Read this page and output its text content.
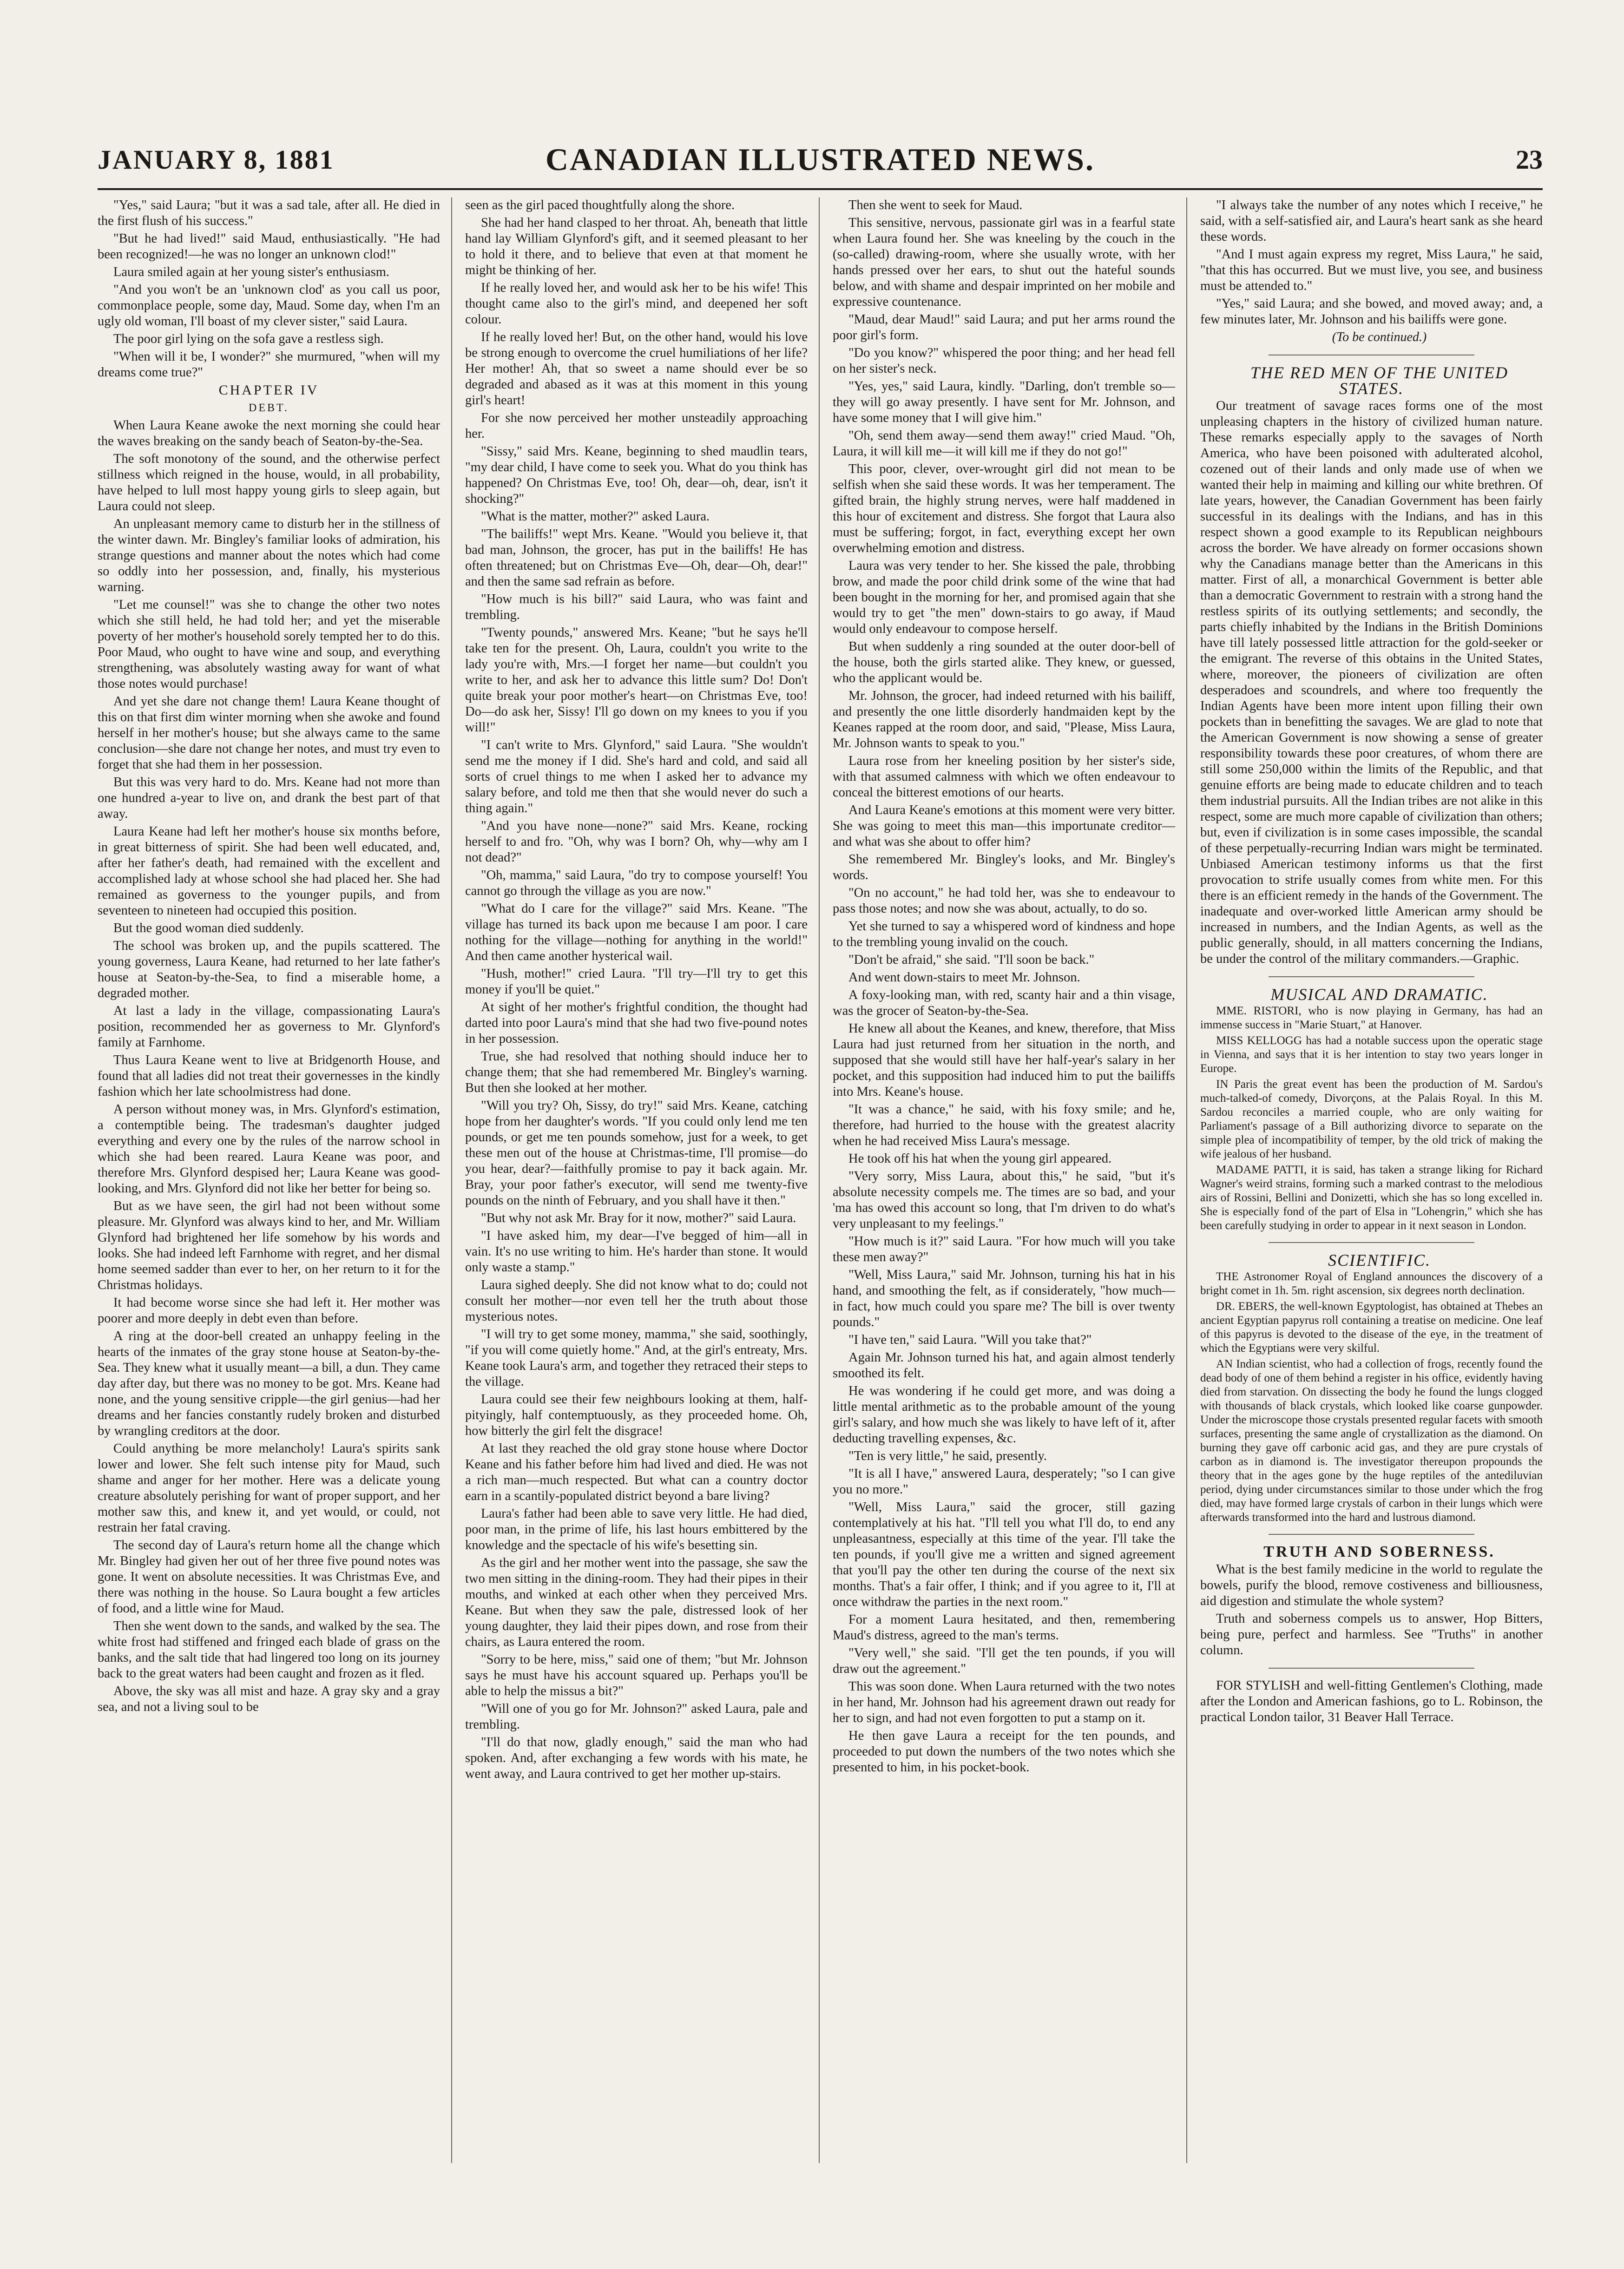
JANUARY 8, 1881	CANADIAN ILLUSTRATED NEWS.	23

"Yes," said Laura; "but it was a sad tale, after all. He died in the first flush of his success."

"But he had lived!" said Maud, enthusiastically. "He had been recognized!—he was no longer an unknown clod!"

Laura smiled again at her young sister's enthusiasm.

"And you won't be an 'unknown clod' as you call us poor, commonplace people, some day, Maud. Some day, when I'm an ugly old woman, I'll boast of my clever sister," said Laura.

The poor girl lying on the sofa gave a restless sigh.

"When will it be, I wonder?" she murmured, "when will my dreams come true?"

CHAPTER IV

DEBT.

When Laura Keane awoke the next morning she could hear the waves breaking on the sandy beach of Seaton-by-the-Sea.

The soft monotony of the sound, and the otherwise perfect stillness which reigned in the house, would, in all probability, have helped to lull most happy young girls to sleep again, but Laura could not sleep.

An unpleasant memory came to disturb her in the stillness of the winter dawn. Mr. Bingley's familiar looks of admiration, his strange questions and manner about the notes which had come so oddly into her possession, and, finally, his mysterious warning.

"Let me counsel!" was she to change the other two notes which she still held, he had told her; and yet the miserable poverty of her mother's household sorely tempted her to do this. Poor Maud, who ought to have wine and soup, and everything strengthening, was absolutely wasting away for want of what those notes would purchase!

And yet she dare not change them! Laura Keane thought of this on that first dim winter morning when she awoke and found herself in her mother's house; but she always came to the same conclusion—she dare not change her notes, and must try even to forget that she had them in her possession.

But this was very hard to do. Mrs. Keane had not more than one hundred a-year to live on, and drank the best part of that away.

Laura Keane had left her mother's house six months before, in great bitterness of spirit. She had been well educated, and, after her father's death, had remained with the excellent and accomplished lady at whose school she had placed her. She had remained as governess to the younger pupils, and from seventeen to nineteen had occupied this position.

But the good woman died suddenly.

The school was broken up, and the pupils scattered. The young governess, Laura Keane, had returned to her late father's house at Seaton-by-the-Sea, to find a miserable home, a degraded mother.

At last a lady in the village, compassionating Laura's position, recommended her as governess to Mr. Glynford's family at Farnhome.

Thus Laura Keane went to live at Bridgenorth House, and found that all ladies did not treat their governesses in the kindly fashion which her late schoolmistress had done.

A person without money was, in Mrs. Glynford's estimation, a contemptible being. The tradesman's daughter judged everything and every one by the rules of the narrow school in which she had been reared. Laura Keane was poor, and therefore Mrs. Glynford despised her; Laura Keane was good-looking, and Mrs. Glynford did not like her better for being so.

But as we have seen, the girl had not been without some pleasure. Mr. Glynford was always kind to her, and Mr. William Glynford had brightened her life somehow by his words and looks. She had indeed left Farnhome with regret, and her dismal home seemed sadder than ever to her, on her return to it for the Christmas holidays.

It had become worse since she had left it. Her mother was poorer and more deeply in debt even than before.

A ring at the door-bell created an unhappy feeling in the hearts of the inmates of the gray stone house at Seaton-by-the-Sea. They knew what it usually meant—a bill, a dun. They came day after day, but there was no money to be got. Mrs. Keane had none, and the young sensitive cripple—the girl genius—had her dreams and her fancies constantly rudely broken and disturbed by wrangling creditors at the door.

Could anything be more melancholy! Laura's spirits sank lower and lower. She felt such intense pity for Maud, such shame and anger for her mother. Here was a delicate young creature absolutely perishing for want of proper support, and her mother saw this, and knew it, and yet would, or could, not restrain her fatal craving.

The second day of Laura's return home all the change which Mr. Bingley had given her out of her three five pound notes was gone. It went on absolute necessities. It was Christmas Eve, and there was nothing in the house. So Laura bought a few articles of food, and a little wine for Maud.

Then she went down to the sands, and walked by the sea. The white frost had stiffened and fringed each blade of grass on the banks, and the salt tide that had lingered too long on its journey back to the great waters had been caught and frozen as it fled.

Above, the sky was all mist and haze. A gray sky and a gray sea, and not a living soul to be

seen as the girl paced thoughtfully along the shore.

She had her hand clasped to her throat. Ah, beneath that little hand lay William Glynford's gift, and it seemed pleasant to her to hold it there, and to believe that even at that moment he might be thinking of her.

If he really loved her, and would ask her to be his wife! This thought came also to the girl's mind, and deepened her soft colour.

If he really loved her! But, on the other hand, would his love be strong enough to overcome the cruel humiliations of her life? Her mother! Ah, that so sweet a name should ever be so degraded and abased as it was at this moment in this young girl's heart!

For she now perceived her mother unsteadily approaching her.

"Sissy," said Mrs. Keane, beginning to shed maudlin tears, "my dear child, I have come to seek you. What do you think has happened? On Christmas Eve, too! Oh, dear—oh, dear, isn't it shocking?"

"What is the matter, mother?" asked Laura.

"The bailiffs!" wept Mrs. Keane. "Would you believe it, that bad man, Johnson, the grocer, has put in the bailiffs! He has often threatened; but on Christmas Eve—Oh, dear—Oh, dear!" and then the same sad refrain as before.

"How much is his bill?" said Laura, who was faint and trembling.

"Twenty pounds," answered Mrs. Keane; "but he says he'll take ten for the present. Oh, Laura, couldn't you write to the lady you're with, Mrs.—I forget her name—but couldn't you write to her, and ask her to advance this little sum? Do! Don't quite break your poor mother's heart—on Christmas Eve, too! Do—do ask her, Sissy! I'll go down on my knees to you if you will!"

"I can't write to Mrs. Glynford," said Laura. "She wouldn't send me the money if I did. She's hard and cold, and said all sorts of cruel things to me when I asked her to advance my salary before, and told me then that she would never do such a thing again."

"And you have none—none?" said Mrs. Keane, rocking herself to and fro. "Oh, why was I born? Oh, why—why am I not dead?"

"Oh, mamma," said Laura, "do try to compose yourself! You cannot go through the village as you are now."

"What do I care for the village?" said Mrs. Keane. "The village has turned its back upon me because I am poor. I care nothing for the village—nothing for anything in the world!" And then came another hysterical wail.

"Hush, mother!" cried Laura. "I'll try—I'll try to get this money if you'll be quiet."

At sight of her mother's frightful condition, the thought had darted into poor Laura's mind that she had two five-pound notes in her possession.

True, she had resolved that nothing should induce her to change them; that she had remembered Mr. Bingley's warning. But then she looked at her mother.

"Will you try? Oh, Sissy, do try!" said Mrs. Keane, catching hope from her daughter's words. "If you could only lend me ten pounds, or get me ten pounds somehow, just for a week, to get these men out of the house at Christmas-time, I'll promise—do you hear, dear?—faithfully promise to pay it back again. Mr. Bray, your poor father's executor, will send me twenty-five pounds on the ninth of February, and you shall have it then."

"But why not ask Mr. Bray for it now, mother?" said Laura.

"I have asked him, my dear—I've begged of him—all in vain. It's no use writing to him. He's harder than stone. It would only waste a stamp."

Laura sighed deeply. She did not know what to do; could not consult her mother—nor even tell her the truth about those mysterious notes.

"I will try to get some money, mamma," she said, soothingly, "if you will come quietly home." And, at the girl's entreaty, Mrs. Keane took Laura's arm, and together they retraced their steps to the village.

Laura could see their few neighbours looking at them, half-pityingly, half contemptuously, as they proceeded home. Oh, how bitterly the girl felt the disgrace!

At last they reached the old gray stone house where Doctor Keane and his father before him had lived and died. He was not a rich man—much respected. But what can a country doctor earn in a scantily-populated district beyond a bare living?

Laura's father had been able to save very little. He had died, poor man, in the prime of life, his last hours embittered by the knowledge and the spectacle of his wife's besetting sin.

As the girl and her mother went into the passage, she saw the two men sitting in the dining-room. They had their pipes in their mouths, and winked at each other when they perceived Mrs. Keane. But when they saw the pale, distressed look of her young daughter, they laid their pipes down, and rose from their chairs, as Laura entered the room.

"Sorry to be here, miss," said one of them; "but Mr. Johnson says he must have his account squared up. Perhaps you'll be able to help the missus a bit?"

"Will one of you go for Mr. Johnson?" asked Laura, pale and trembling.

"I'll do that now, gladly enough," said the man who had spoken. And, after exchanging a few words with his mate, he went away, and Laura contrived to get her mother up-stairs.

Then she went to seek for Maud.

This sensitive, nervous, passionate girl was in a fearful state when Laura found her. She was kneeling by the couch in the (so-called) drawing-room, where she usually wrote, with her hands pressed over her ears, to shut out the hateful sounds below, and with shame and despair imprinted on her mobile and expressive countenance.

"Maud, dear Maud!" said Laura; and put her arms round the poor girl's form.

"Do you know?" whispered the poor thing; and her head fell on her sister's neck.

"Yes, yes," said Laura, kindly. "Darling, don't tremble so—they will go away presently. I have sent for Mr. Johnson, and have some money that I will give him."

"Oh, send them away—send them away!" cried Maud. "Oh, Laura, it will kill me—it will kill me if they do not go!"

This poor, clever, over-wrought girl did not mean to be selfish when she said these words. It was her temperament. The gifted brain, the highly strung nerves, were half maddened in this hour of excitement and distress. She forgot that Laura also must be suffering; forgot, in fact, everything except her own overwhelming emotion and distress.

Laura was very tender to her. She kissed the pale, throbbing brow, and made the poor child drink some of the wine that had been bought in the morning for her, and promised again that she would try to get "the men" down-stairs to go away, if Maud would only endeavour to compose herself.

But when suddenly a ring sounded at the outer door-bell of the house, both the girls started alike. They knew, or guessed, who the applicant would be.

Mr. Johnson, the grocer, had indeed returned with his bailiff, and presently the one little disorderly handmaiden kept by the Keanes rapped at the room door, and said, "Please, Miss Laura, Mr. Johnson wants to speak to you."

Laura rose from her kneeling position by her sister's side, with that assumed calmness with which we often endeavour to conceal the bitterest emotions of our hearts.

And Laura Keane's emotions at this moment were very bitter. She was going to meet this man—this importunate creditor—and what was she about to offer him?

She remembered Mr. Bingley's looks, and Mr. Bingley's words.

"On no account," he had told her, was she to endeavour to pass those notes; and now she was about, actually, to do so.

Yet she turned to say a whispered word of kindness and hope to the trembling young invalid on the couch.

"Don't be afraid," she said. "I'll soon be back."

And went down-stairs to meet Mr. Johnson.

A foxy-looking man, with red, scanty hair and a thin visage, was the grocer of Seaton-by-the-Sea.

He knew all about the Keanes, and knew, therefore, that Miss Laura had just returned from her situation in the north, and supposed that she would still have her half-year's salary in her pocket, and this supposition had induced him to put the bailiffs into Mrs. Keane's house.

"It was a chance," he said, with his foxy smile; and he, therefore, had hurried to the house with the greatest alacrity when he had received Miss Laura's message.

He took off his hat when the young girl appeared.

"Very sorry, Miss Laura, about this," he said, "but it's absolute necessity compels me. The times are so bad, and your 'ma has owed this account so long, that I'm driven to do what's very unpleasant to my feelings."

"How much is it?" said Laura. "For how much will you take these men away?"

"Well, Miss Laura," said Mr. Johnson, turning his hat in his hand, and smoothing the felt, as if considerately, "how much—in fact, how much could you spare me? The bill is over twenty pounds."

"I have ten," said Laura. "Will you take that?"

Again Mr. Johnson turned his hat, and again almost tenderly smoothed its felt.

He was wondering if he could get more, and was doing a little mental arithmetic as to the probable amount of the young girl's salary, and how much she was likely to have left of it, after deducting travelling expenses, &c.

"Ten is very little," he said, presently.

"It is all I have," answered Laura, desperately; "so I can give you no more."

"Well, Miss Laura," said the grocer, still gazing contemplatively at his hat. "I'll tell you what I'll do, to end any unpleasantness, especially at this time of the year. I'll take the ten pounds, if you'll give me a written and signed agreement that you'll pay the other ten during the course of the next six months. That's a fair offer, I think; and if you agree to it, I'll at once withdraw the parties in the next room."

For a moment Laura hesitated, and then, remembering Maud's distress, agreed to the man's terms.

"Very well," she said. "I'll get the ten pounds, if you will draw out the agreement."

This was soon done. When Laura returned with the two notes in her hand, Mr. Johnson had his agreement drawn out ready for her to sign, and had not even forgotten to put a stamp on it.

He then gave Laura a receipt for the ten pounds, and proceeded to put down the numbers of the two notes which she presented to him, in his pocket-book.

"I always take the number of any notes which I receive," he said, with a self-satisfied air, and Laura's heart sank as she heard these words.

"And I must again express my regret, Miss Laura," he said, "that this has occurred. But we must live, you see, and business must be attended to."

"Yes," said Laura; and she bowed, and moved away; and, a few minutes later, Mr. Johnson and his bailiffs were gone.

(To be continued.)

THE RED MEN OF THE UNITED STATES.

Our treatment of savage races forms one of the most unpleasing chapters in the history of civilized human nature. These remarks especially apply to the savages of North America, who have been poisoned with adulterated alcohol, cozened out of their lands and only made use of when we wanted their help in maiming and killing our white brethren. Of late years, however, the Canadian Government has been fairly successful in its dealings with the Indians, and has in this respect shown a good example to its Republican neighbours across the border. We have already on former occasions shown why the Canadians manage better than the Americans in this matter. First of all, a monarchical Government is better able than a democratic Government to restrain with a strong hand the restless spirits of its outlying settlements; and secondly, the parts chiefly inhabited by the Indians in the British Dominions have till lately possessed little attraction for the gold-seeker or the emigrant. The reverse of this obtains in the United States, where, moreover, the pioneers of civilization are often desperadoes and scoundrels, and where too frequently the Indian Agents have been more intent upon filling their own pockets than in benefitting the savages. We are glad to note that the American Government is now showing a sense of greater responsibility towards these poor creatures, of whom there are still some 250,000 within the limits of the Republic, and that genuine efforts are being made to educate children and to teach them industrial pursuits. All the Indian tribes are not alike in this respect, some are much more capable of civilization than others; but, even if civilization is in some cases impossible, the scandal of these perpetually-recurring Indian wars might be terminated. Unbiased American testimony informs us that the first provocation to strife usually comes from white men. For this there is an efficient remedy in the hands of the Government. The inadequate and over-worked little American army should be increased in numbers, and the Indian Agents, as well as the public generally, should, in all matters concerning the Indians, be under the control of the military commanders.—Graphic.

MUSICAL AND DRAMATIC.

MME. RISTORI, who is now playing in Germany, has had an immense success in "Marie Stuart," at Hanover.

MISS KELLOGG has had a notable success upon the operatic stage in Vienna, and says that it is her intention to stay two years longer in Europe.

IN Paris the great event has been the production of M. Sardou's much-talked-of comedy, Divorçons, at the Palais Royal. In this M. Sardou reconciles a married couple, who are only waiting for Parliament's passage of a Bill authorizing divorce to separate on the simple plea of incompatibility of temper, by the old trick of making the wife jealous of her husband.

MADAME PATTI, it is said, has taken a strange liking for Richard Wagner's weird strains, forming such a marked contrast to the melodious airs of Rossini, Bellini and Donizetti, which she has so long excelled in. She is especially fond of the part of Elsa in "Lohengrin," which she has been carefully studying in order to appear in it next season in London.

SCIENTIFIC.

THE Astronomer Royal of England announces the discovery of a bright comet in 1h. 5m. right ascension, six degrees north declination.

DR. EBERS, the well-known Egyptologist, has obtained at Thebes an ancient Egyptian papyrus roll containing a treatise on medicine. One leaf of this papyrus is devoted to the disease of the eye, in the treatment of which the Egyptians were very skilful.

AN Indian scientist, who had a collection of frogs, recently found the dead body of one of them behind a register in his office, evidently having died from starvation. On dissecting the body he found the lungs clogged with thousands of black crystals, which looked like coarse gunpowder. Under the microscope those crystals presented regular facets with smooth surfaces, presenting the same angle of crystallization as the diamond. On burning they gave off carbonic acid gas, and they are pure crystals of carbon as in diamond is. The investigator thereupon propounds the theory that in the ages gone by the huge reptiles of the antediluvian period, dying under circumstances similar to those under which the frog died, may have formed large crystals of carbon in their lungs which were afterwards transformed into the hard and lustrous diamond.

TRUTH AND SOBERNESS.

What is the best family medicine in the world to regulate the bowels, purify the blood, remove costiveness and billiousness, aid digestion and stimulate the whole system?

Truth and soberness compels us to answer, Hop Bitters, being pure, perfect and harmless. See "Truths" in another column.

FOR STYLISH and well-fitting Gentlemen's Clothing, made after the London and American fashions, go to L. Robinson, the practical London tailor, 31 Beaver Hall Terrace.
